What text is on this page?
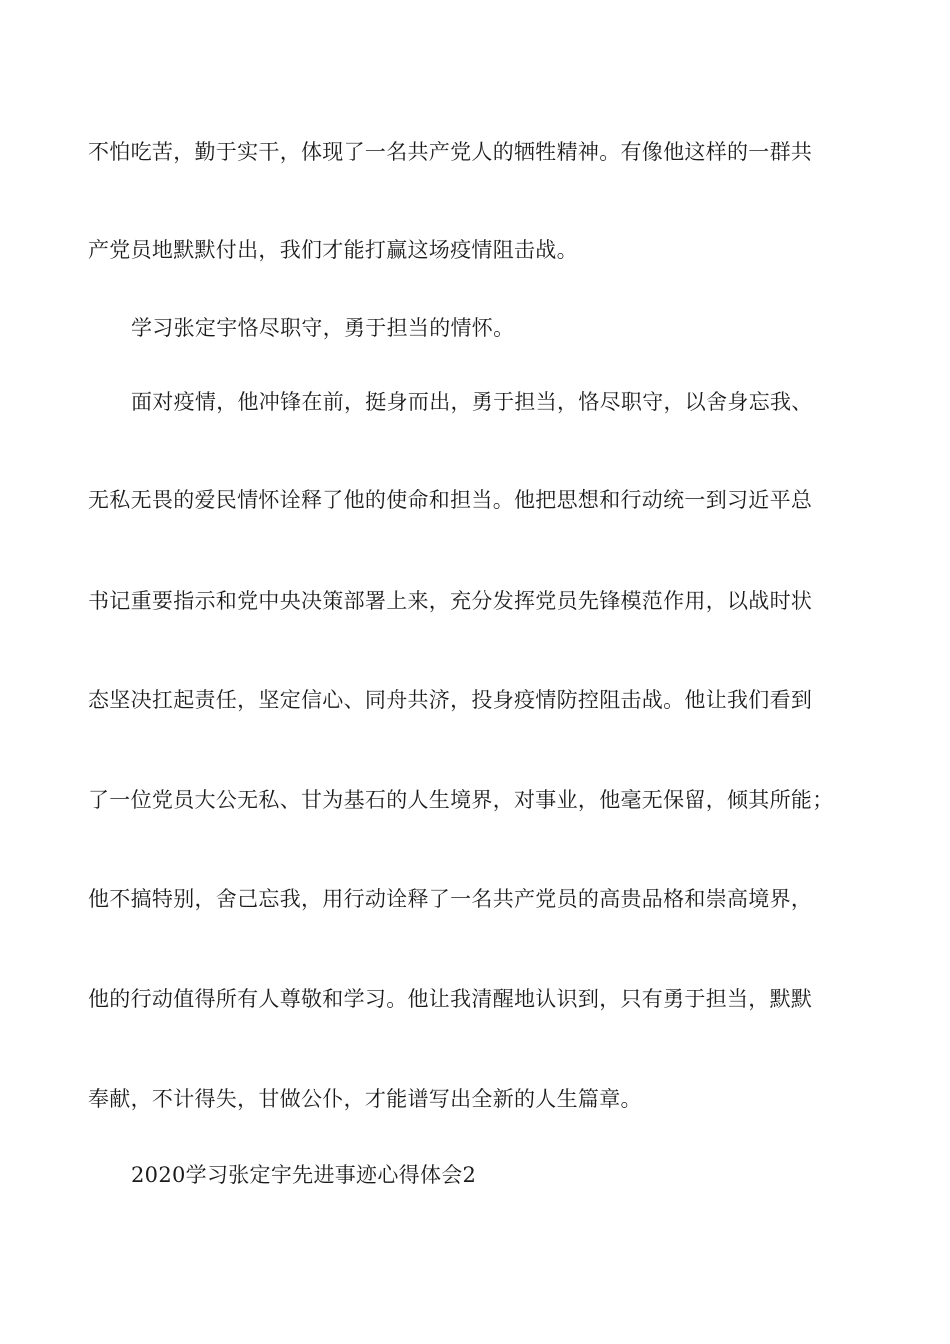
不怕吃苦，勤于实干，体现了一名共产党人的牺牲精神。有像他这样的一群共
产党员地默默付出，我们才能打赢这场疫情阻击战。
学习张定宇恪尽职守，勇于担当的情怀。
面对疫情，他冲锋在前，挺身而出，勇于担当，恪尽职守，以舍身忘我、
无私无畏的爱民情怀诠释了他的使命和担当。他把思想和行动统一到习近平总
书记重要指示和党中央决策部署上来，充分发挥党员先锋模范作用，以战时状
态坚决扛起责任，坚定信心、同舟共济，投身疫情防控阻击战。他让我们看到
了一位党员大公无私、甘为基石的人生境界，对事业，他毫无保留，倾其所能；
他不搞特别，舍己忘我，用行动诠释了一名共产党员的高贵品格和崇高境界，
他的行动值得所有人尊敬和学习。他让我清醒地认识到，只有勇于担当，默默
奉献，不计得失，甘做公仆，才能谱写出全新的人生篇章。
2020学习张定宇先进事迹心得体会2
